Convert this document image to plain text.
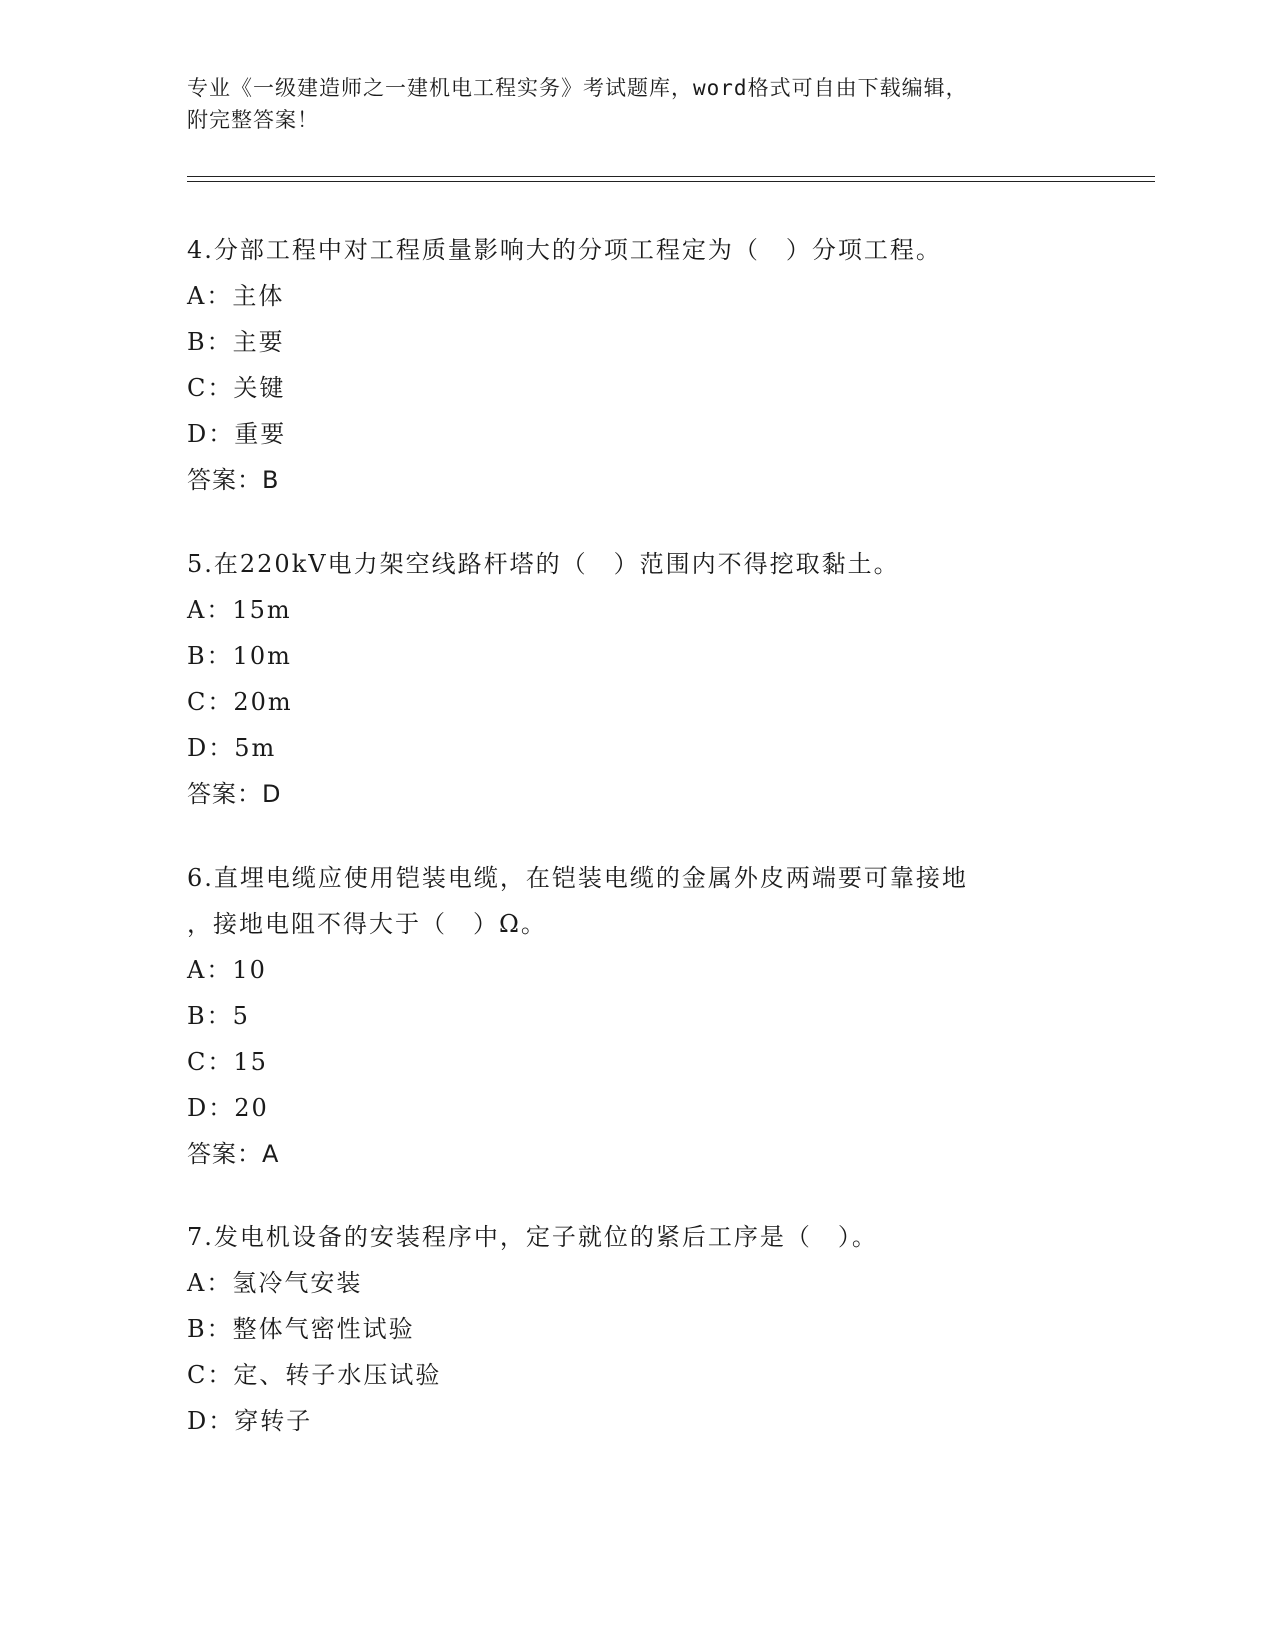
专业《一级建造师之一建机电工程实务》考试题库，word格式可自由下载编辑，
附完整答案！
4.分部工程中对工程质量影响大的分项工程定为（　）分项工程。
A：主体
B：主要
C：关键
D：重要
答案：B
5.在220kV电力架空线路杆塔的（　）范围内不得挖取黏土。
A：15m
B：10m
C：20m
D：5m
答案：D
6.直埋电缆应使用铠装电缆，在铠装电缆的金属外皮两端要可靠接地
，接地电阻不得大于（　）Ω。
A：10
B：5
C：15
D：20
答案：A
7.发电机设备的安装程序中，定子就位的紧后工序是（　）。
A：氢冷气安装
B：整体气密性试验
C：定、转子水压试验
D：穿转子
